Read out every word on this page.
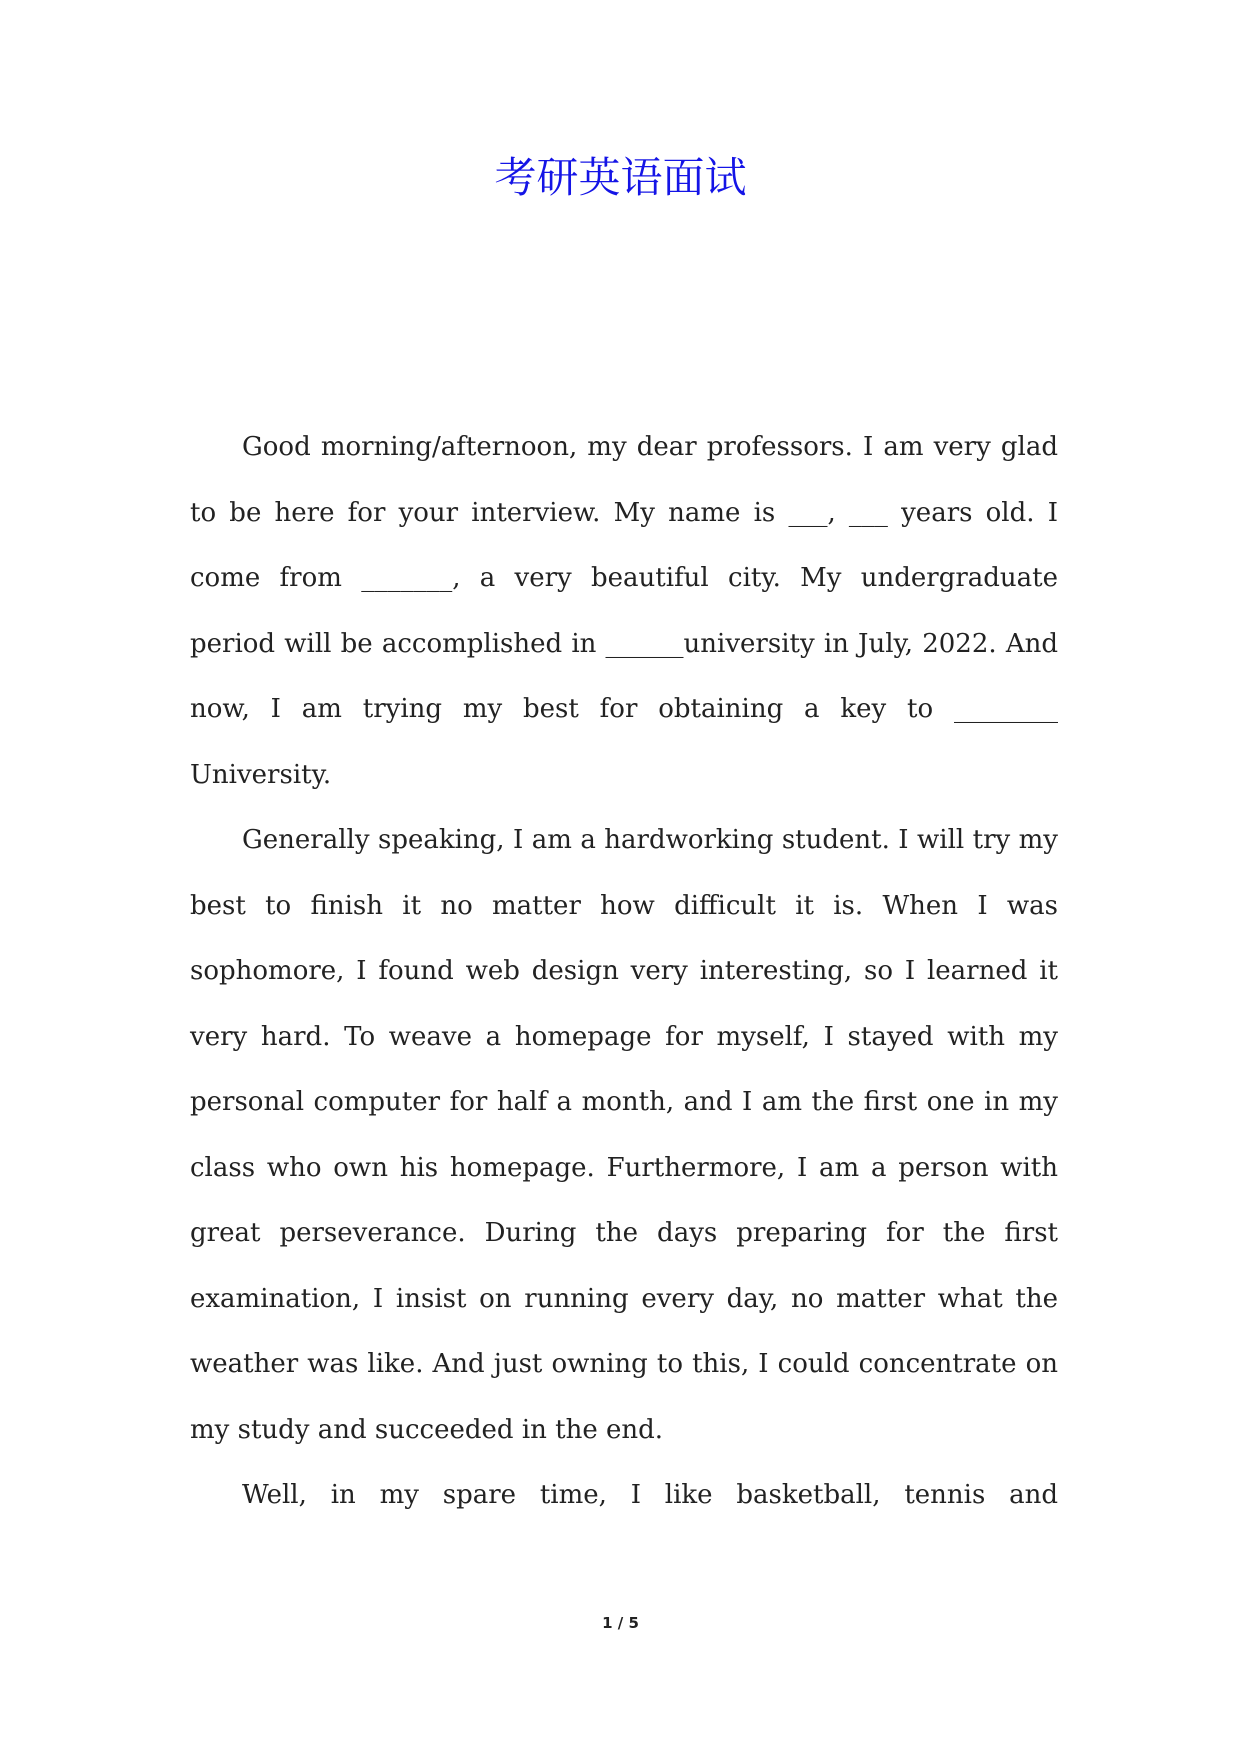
考研英语面试

Good morning/afternoon, my dear professors. I am very glad to be here for your interview. My name is ___, ___ years old. I come from _______, a very beautiful city. My undergraduate period will be accomplished in ______university in July, 2022. And now, I am trying my best for obtaining a key to ________ University.

Generally speaking, I am a hardworking student. I will try my best to finish it no matter how difficult it is. When I was sophomore, I found web design very interesting, so I learned it very hard. To weave a homepage for myself, I stayed with my personal computer for half a month, and I am the first one in my class who own his homepage. Furthermore, I am a person with great perseverance. During the days preparing for the first examination, I insist on running every day, no matter what the weather was like. And just owning to this, I could concentrate on my study and succeeded in the end.

Well, in my spare time, I like basketball, tennis and

1 / 5
